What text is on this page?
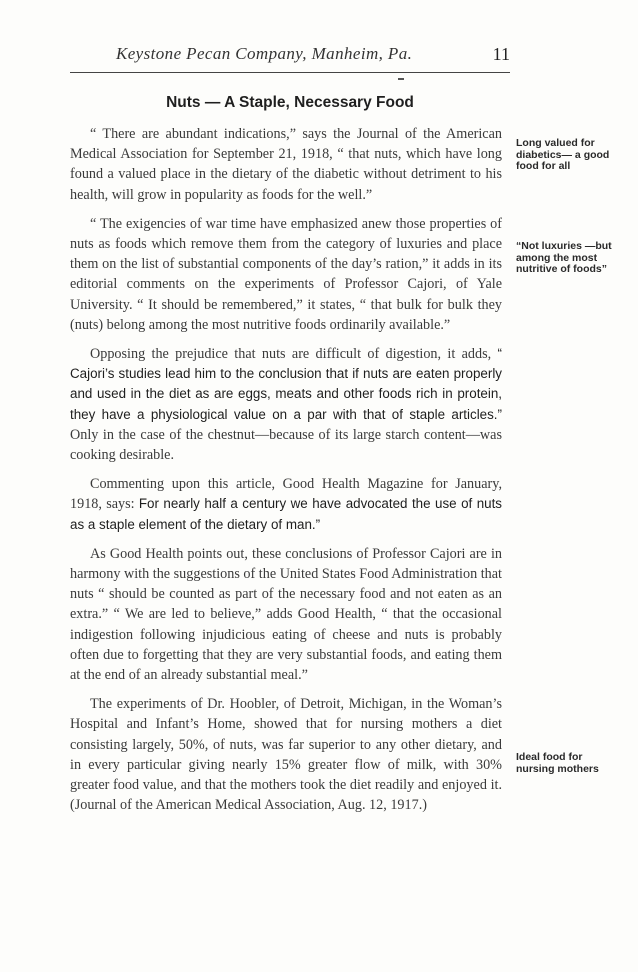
Keystone Pecan Company, Manheim, Pa.	11
Nuts — A Staple, Necessary Food

“ There are abundant indications,” says the Journal of the American Medical Association for September 21, 1918, “ that nuts, which have long found a valued place in the dietary of the diabetic without detriment to his health, will grow in popularity as foods for the well.”

“ The exigencies of war time have emphasized anew those properties of nuts as foods which remove them from the category of luxuries and place them on the list of substantial components of the day’s ration,” it adds in its editorial comments on the experiments of Professor Cajori, of Yale University. “ It should be remembered,” it states, “ that bulk for bulk they (nuts) belong among the most nutritive foods ordinarily available.”

Opposing the prejudice that nuts are difficult of digestion, it adds, “ Cajori’s studies lead him to the conclusion that if nuts are eaten properly and used in the diet as are eggs, meats and other foods rich in protein, they have a physiological value on a par with that of staple articles.” Only in the case of the chestnut—because of its large starch content—was cooking desirable.

Commenting upon this article, Good Health Magazine for January, 1918, says: For nearly half a century we have advocated the use of nuts as a staple element of the dietary of man.”

As Good Health points out, these conclusions of Professor Cajori are in harmony with the suggestions of the United States Food Administration that nuts “ should be counted as part of the necessary food and not eaten as an extra.” “ We are led to believe,” adds Good Health, “ that the occasional indigestion following injudicious eating of cheese and nuts is probably often due to forgetting that they are very substantial foods, and eating them at the end of an already substantial meal.”

The experiments of Dr. Hoobler, of Detroit, Michigan, in the Woman’s Hospital and Infant’s Home, showed that for nursing mothers a diet consisting largely, 50%, of nuts, was far superior to any other dietary, and in every particular giving nearly 15% greater flow of milk, with 30% greater food value, and that the mothers took the diet readily and enjoyed it. (Journal of the American Medical Association, Aug. 12, 1917.)

Long valued for diabetics— a good food for all
“Not luxuries —but among the most nutritive of foods”
Ideal food for nursing mothers
